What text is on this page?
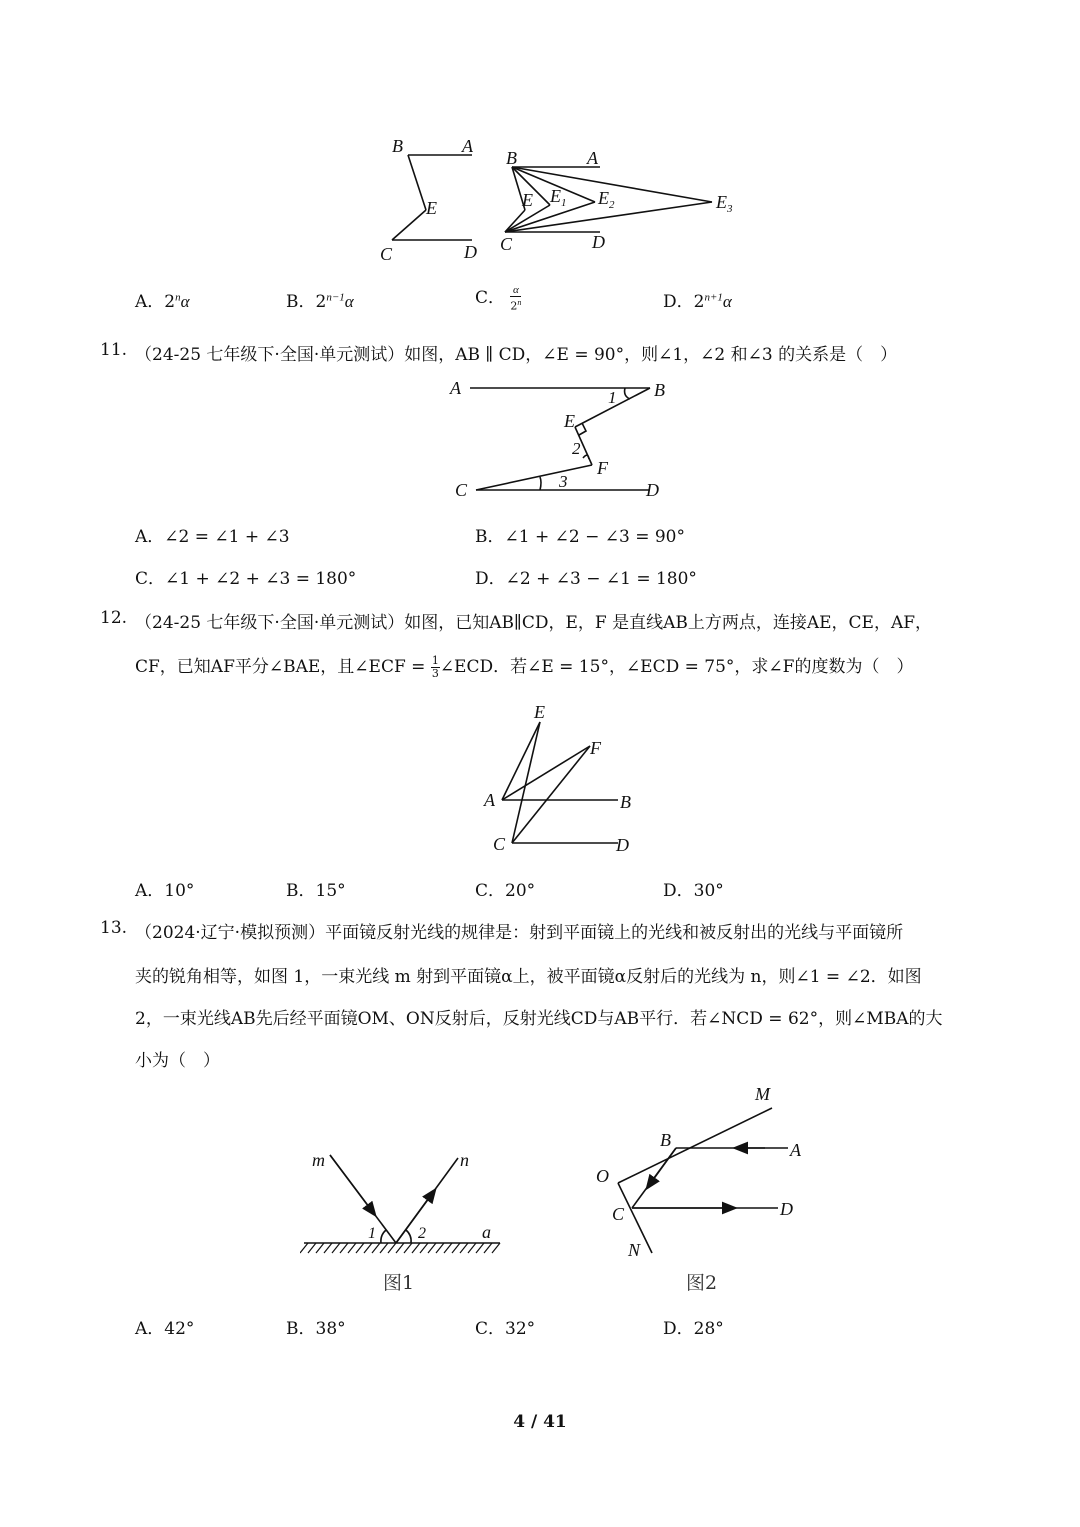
B	A
E
C	D
B	A
E $E_1$ $E_2$	$E_3$
C	D
A．2$^n$α	B．$2^{n-1}\alpha$	C． $\frac{\alpha}{2^n}$	D．$2^{n+1}\alpha$
11. （24-25 七年级下·全国·单元测试）如图，AB ∥ CD，∠E = 90°，则∠1，∠2 和∠3 的关系是（　）
A	B
E
F
C	D
1
2
3
A．∠2 = ∠1 + ∠3	B．∠1 + ∠2 − ∠3 = 90°
C．∠1 + ∠2 + ∠3 = 180°	D．∠2 + ∠3 − ∠1 = 180°
12. （24-25 七年级下·全国·单元测试）如图，已知AB∥CD，E，F 是直线AB上方两点，连接AE，CE，AF，
CF，已知AF平分∠BAE，且∠ECF = $\frac{1}{3}$ ∠ECD．若∠E = 15°，∠ECD = 75°，求∠F的度数为（　）
E
F
A	B
C	D
A．10°	B．15°	C．20°	D．30°
13. （2024·辽宁·模拟预测）平面镜反射光线的规律是：射到平面镜上的光线和被反射出的光线与平面镜所
夹的锐角相等，如图 1，一束光线 m 射到平面镜α上，被平面镜α反射后的光线为 n，则∠1 = ∠2．如图
2，一束光线AB先后经平面镜OM、ON反射后，反射光线CD与AB平行．若∠NCD = 62°，则∠MBA的大
小为（　）
m	n
1	2	a
图1
M
B	A
O
C	D
N
图2
A．42°	B．38°	C．32°	D．28°
4 / 41
